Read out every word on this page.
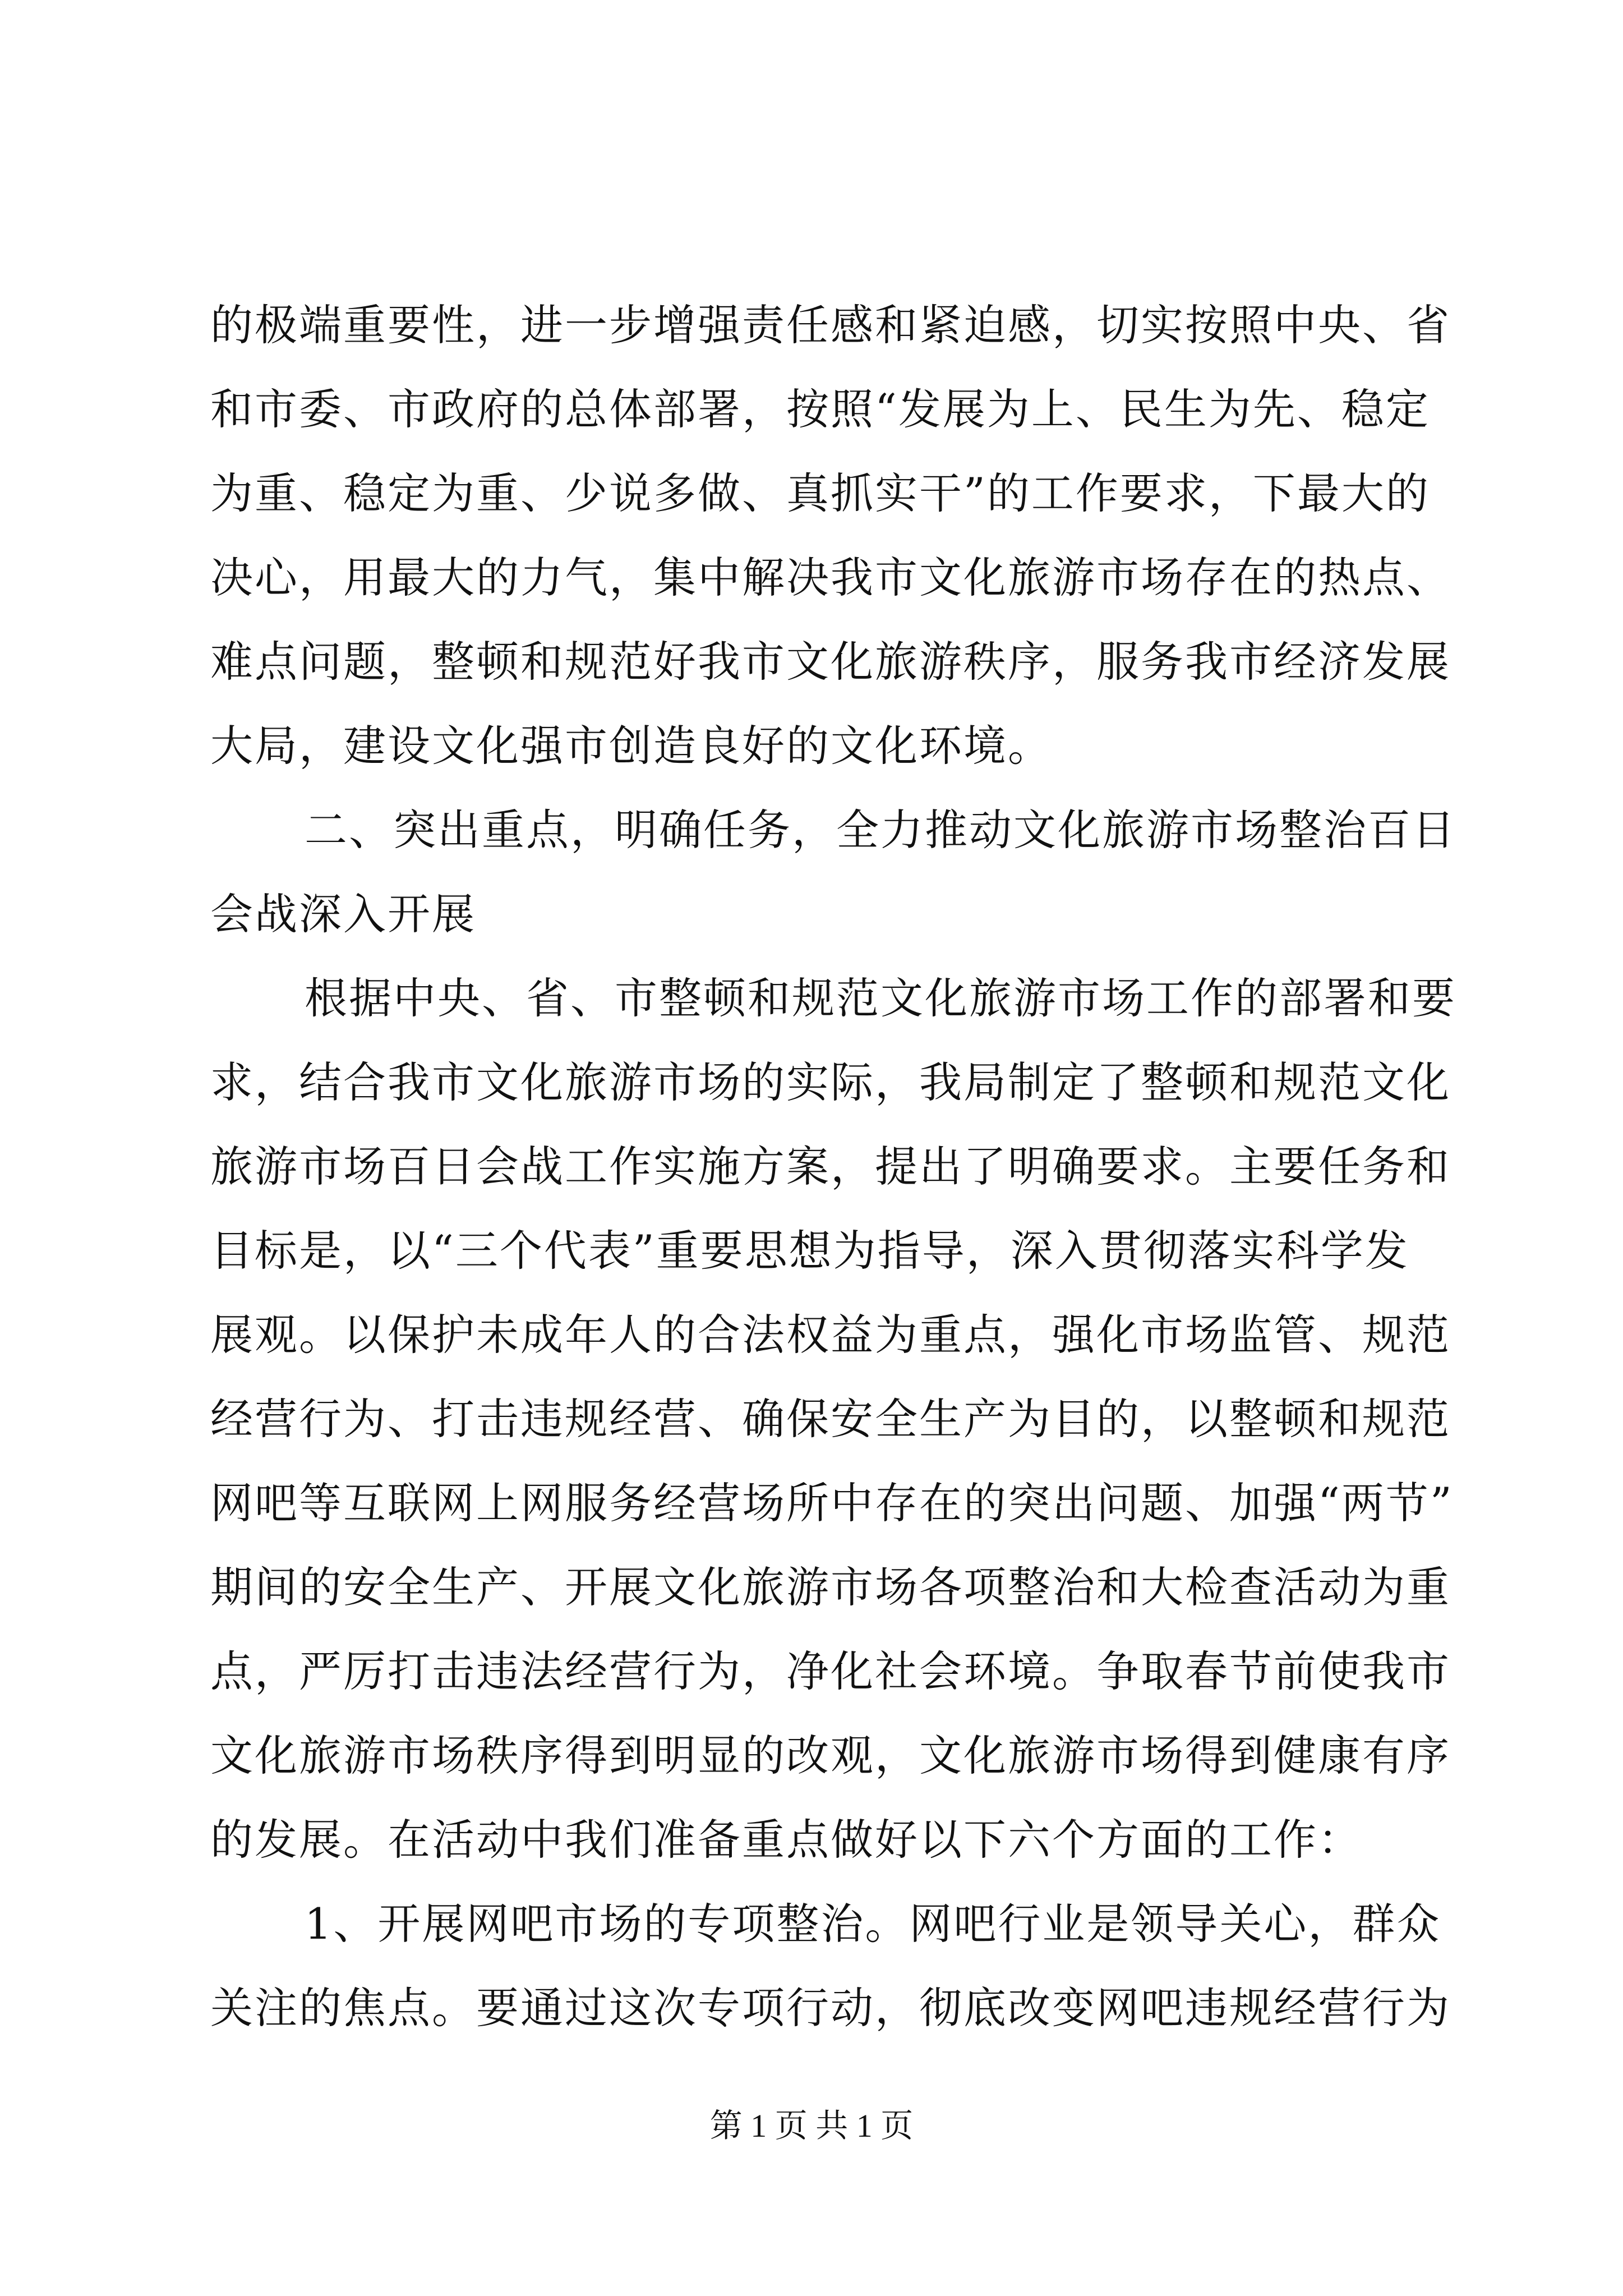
的极端重要性，进一步增强责任感和紧迫感，切实按照中央、省
和市委、市政府的总体部署，按照“发展为上、民生为先、稳定
为重、稳定为重、少说多做、真抓实干”的工作要求，下最大的
决心，用最大的力气，集中解决我市文化旅游市场存在的热点、
难点问题，整顿和规范好我市文化旅游秩序，服务我市经济发展
大局，建设文化强市创造良好的文化环境。
二、突出重点，明确任务，全力推动文化旅游市场整治百日
会战深入开展
根据中央、省、市整顿和规范文化旅游市场工作的部署和要
求，结合我市文化旅游市场的实际，我局制定了整顿和规范文化
旅游市场百日会战工作实施方案，提出了明确要求。主要任务和
目标是，以“三个代表”重要思想为指导，深入贯彻落实科学发
展观。以保护未成年人的合法权益为重点，强化市场监管、规范
经营行为、打击违规经营、确保安全生产为目的，以整顿和规范
网吧等互联网上网服务经营场所中存在的突出问题、加强“两节”
期间的安全生产、开展文化旅游市场各项整治和大检查活动为重
点，严厉打击违法经营行为，净化社会环境。争取春节前使我市
文化旅游市场秩序得到明显的改观，文化旅游市场得到健康有序
的发展。在活动中我们准备重点做好以下六个方面的工作：
1、开展网吧市场的专项整治。网吧行业是领导关心，群众
关注的焦点。要通过这次专项行动，彻底改变网吧违规经营行为
第 1 页 共 1 页
